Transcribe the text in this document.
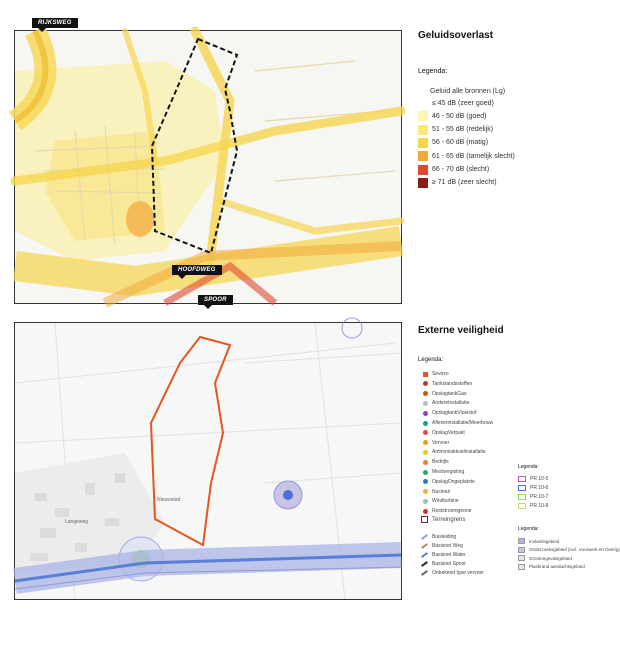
RIJKSWEG
HOOFDWEG
SPOOR
Geluidsoverlast
Legenda:
Geluid alle bronnen (Lg)
≤ 45 dB (zeer goed)
46 - 50 dB (goed)
51 - 55 dB (redelijk)
56 - 60 dB (matig)
61 - 65 dB (tamelijk slecht)
66 - 70 dB (slecht)
≥ 71 dB (zeer slecht)
Nieuwstad
Langeweg
Externe veiligheid
Legenda:
Sevezo
Tankstandsstoffen
OpslagtankGas
AndereInstallatie
OpslagtankVloeistof
Afleverinstallatie/Meerbouw
OpslagVerpakt
Vervoer
Ammoniakkoelinstallatie
Bedrijfs
Mestvergisting
OpslagOngeplatste
Nucleair
Windturbine
Reststroomgeone
Terreingrens
Buisleiding
Basisnet Weg
Basisnet Water
Basisnet Spoor
Onbekend type vervoer
Legenda:
PR 10-5
PR 10-6
PR 10-7
PR 10-8
Legenda:
Invloedsgebied
Onderzoeksgebied (incl. Vuurwerk en Overig)
Grootongevalsgebied
Plasbrand aandachtsgebied
